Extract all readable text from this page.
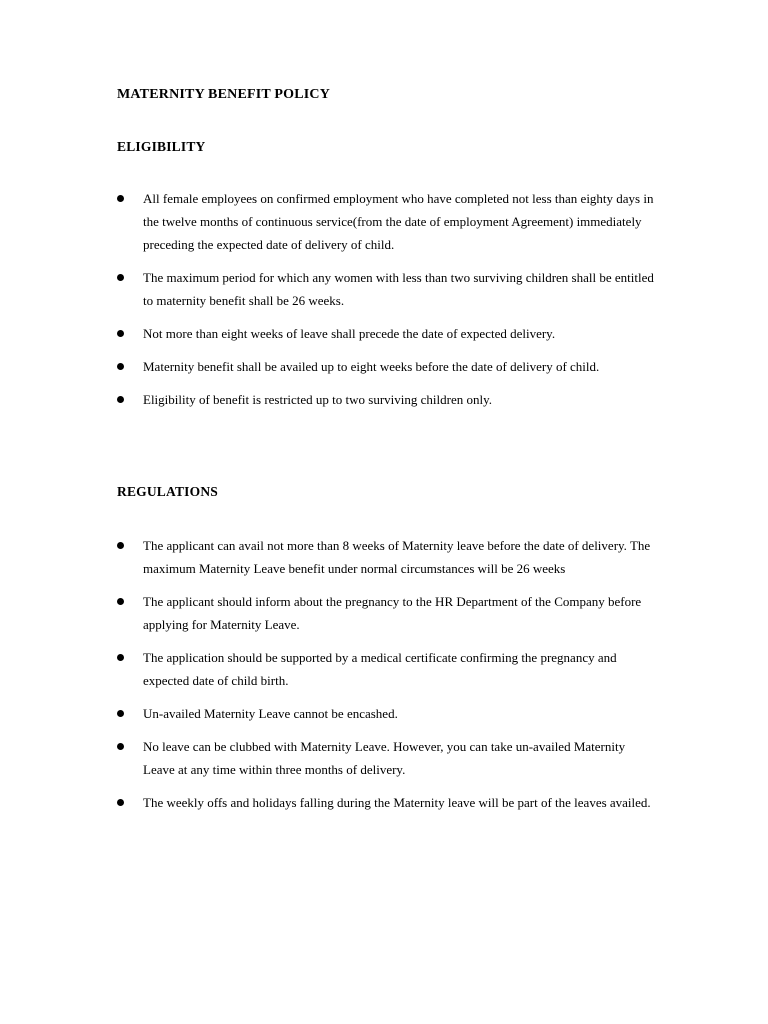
MATERNITY BENEFIT POLICY
ELIGIBILITY
All female employees on confirmed employment who have completed not less than eighty days in the twelve months of continuous service(from the date of employment Agreement) immediately preceding the expected date of delivery of child.
The maximum period for which any women with less than two surviving children shall be entitled to maternity benefit shall be 26 weeks.
Not more than eight weeks of leave shall precede the date of expected delivery.
Maternity benefit shall be availed up to eight weeks before the date of delivery of child.
Eligibility of benefit is restricted up to two surviving children only.
REGULATIONS
The applicant can avail not more than 8 weeks of Maternity leave before the date of delivery. The maximum Maternity Leave benefit under normal circumstances will be 26 weeks
The applicant should inform about the pregnancy to the HR Department of the Company before applying for Maternity Leave.
The application should be supported by a medical certificate confirming the pregnancy and expected date of child birth.
Un-availed Maternity Leave cannot be encashed.
No leave can be clubbed with Maternity Leave. However, you can take un-availed Maternity Leave at any time within three months of delivery.
The weekly offs and holidays falling during the Maternity leave will be part of the leaves availed.
